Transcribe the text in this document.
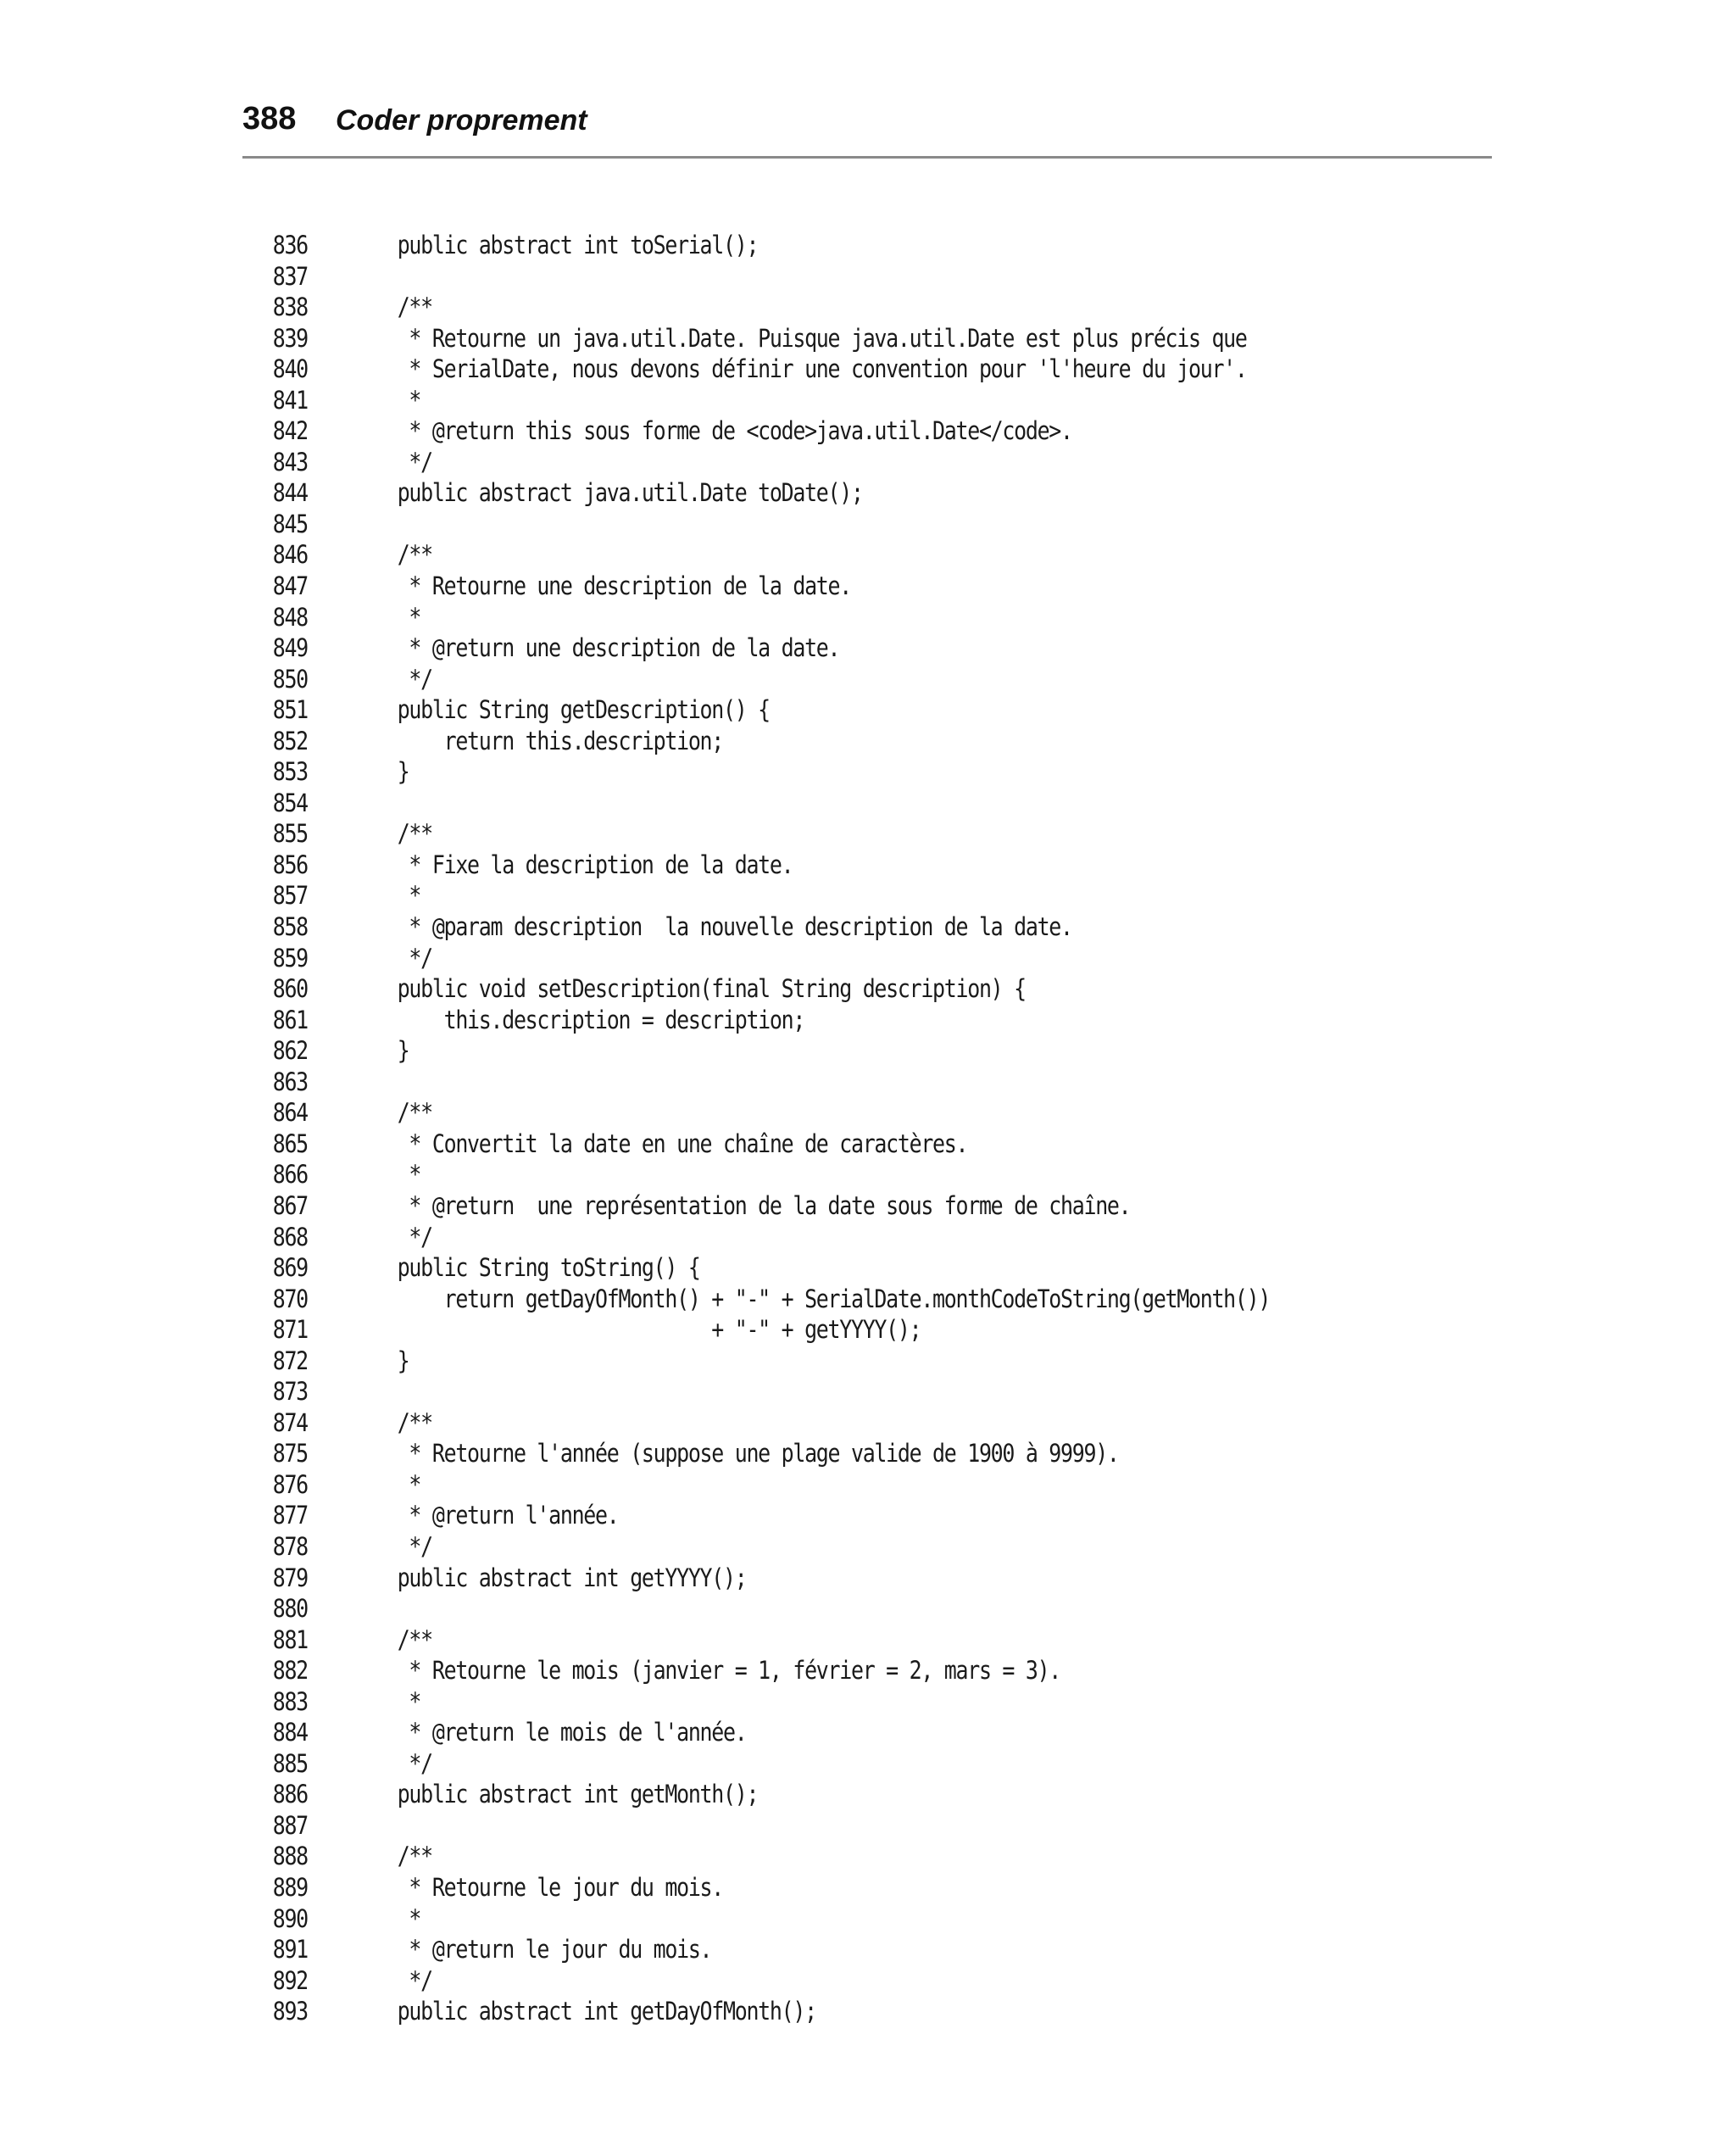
388 Coder proprement
836	public abstract int toSerial();
837
838	/**
839	* Retourne un java.util.Date. Puisque java.util.Date est plus précis que
840	* SerialDate, nous devons définir une convention pour 'l'heure du jour'.
841	*
842	* @return this sous forme de <code>java.util.Date</code>.
843	*/
844	public abstract java.util.Date toDate();
845
846	/**
847	* Retourne une description de la date.
848	*
849	* @return une description de la date.
850	*/
851	public String getDescription() {
852	return this.description;
853	}
854
855	/**
856	* Fixe la description de la date.
857	*
858	* @param description  la nouvelle description de la date.
859	*/
860	public void setDescription(final String description) {
861	this.description = description;
862	}
863
864	/**
865	* Convertit la date en une chaîne de caractères.
866	*
867	* @return  une représentation de la date sous forme de chaîne.
868	*/
869	public String toString() {
870	return getDayOfMonth() + "-" + SerialDate.monthCodeToString(getMonth())
871	+ "-" + getYYYY();
872	}
873
874	/**
875	* Retourne l'année (suppose une plage valide de 1900 à 9999).
876	*
877	* @return l'année.
878	*/
879	public abstract int getYYYY();
880
881	/**
882	* Retourne le mois (janvier = 1, février = 2, mars = 3).
883	*
884	* @return le mois de l'année.
885	*/
886	public abstract int getMonth();
887
888	/**
889	* Retourne le jour du mois.
890	*
891	* @return le jour du mois.
892	*/
893	public abstract int getDayOfMonth();
